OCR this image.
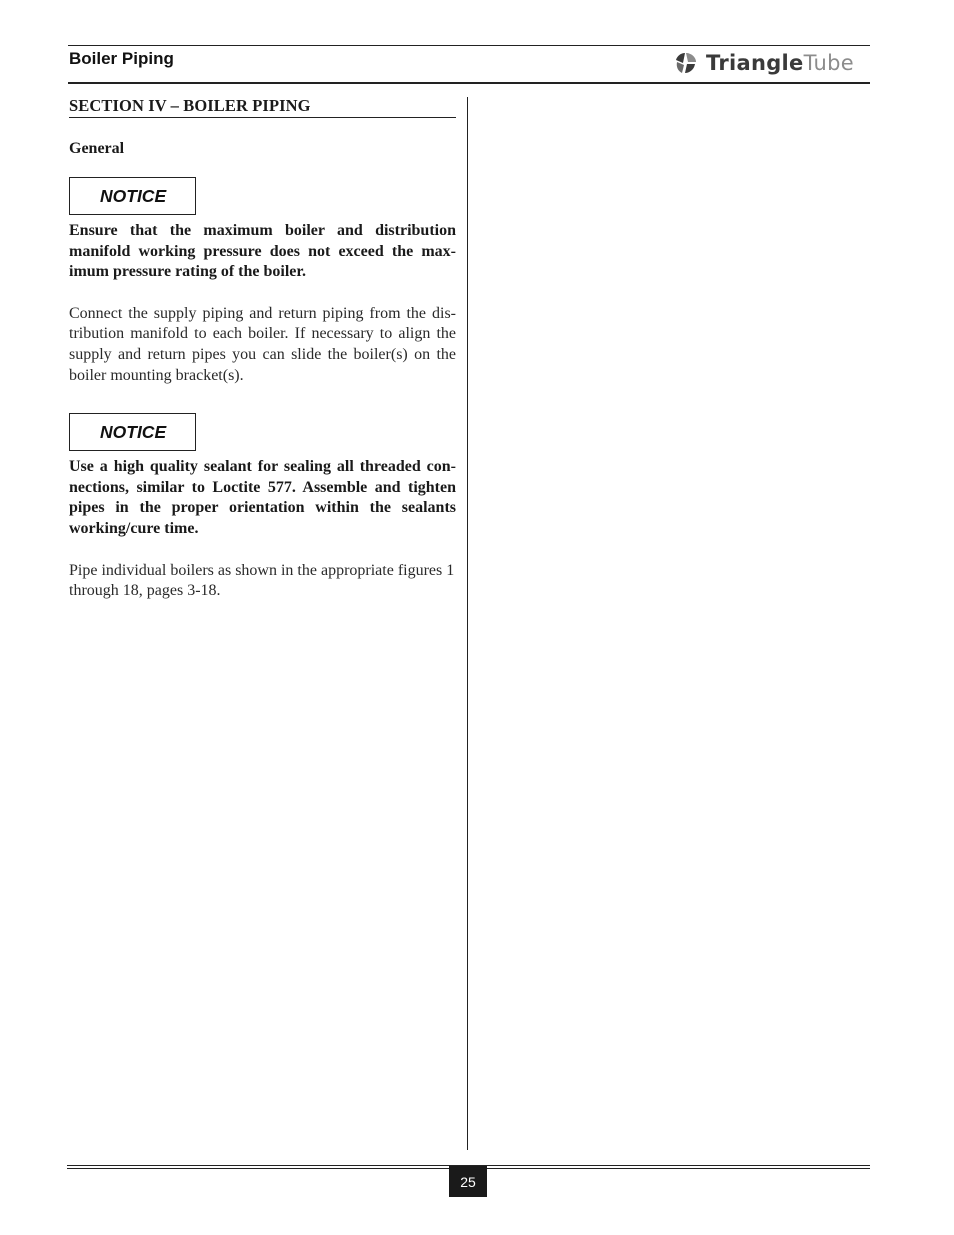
Boiler Piping	TriangleTube
SECTION IV – BOILER PIPING
General
NOTICE

Ensure that the maximum boiler and distribution manifold working pressure does not exceed the maximum pressure rating of the boiler.

Connect the supply piping and return piping from the distribution manifold to each boiler. If necessary to align the supply and return pipes you can slide the boiler(s) on the boiler mounting bracket(s).

NOTICE

Use a high quality sealant for sealing all threaded connections, similar to Loctite 577. Assemble and tighten pipes in the proper orientation within the sealants working/cure time.

Pipe individual boilers as shown in the appropriate figures 1 through 18, pages 3-18.

25
